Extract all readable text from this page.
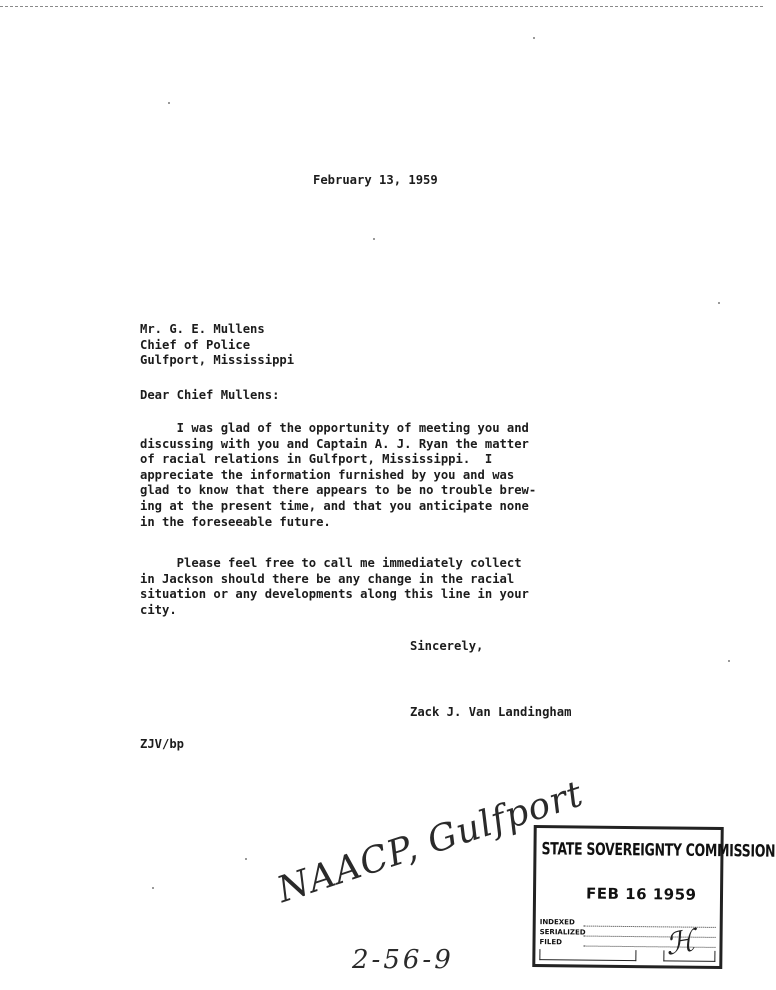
February 13, 1959
Mr. G. E. Mullens
Chief of Police
Gulfport, Mississippi
Dear Chief Mullens:
I was glad of the opportunity of meeting you and
discussing with you and Captain A. J. Ryan the matter
of racial relations in Gulfport, Mississippi.  I
appreciate the information furnished by you and was
glad to know that there appears to be no trouble brew-
ing at the present time, and that you anticipate none
in the foreseeable future.
Please feel free to call me immediately collect
in Jackson should there be any change in the racial
situation or any developments along this line in your
city.
Sincerely,
Zack J. Van Landingham
ZJV/bp
NAACP, Gulfport
2-56-9
STATE SOVEREIGNTY COMMISSION
FEB 16 1959
INDEXED
SERIALIZED
FILED	ℋ
